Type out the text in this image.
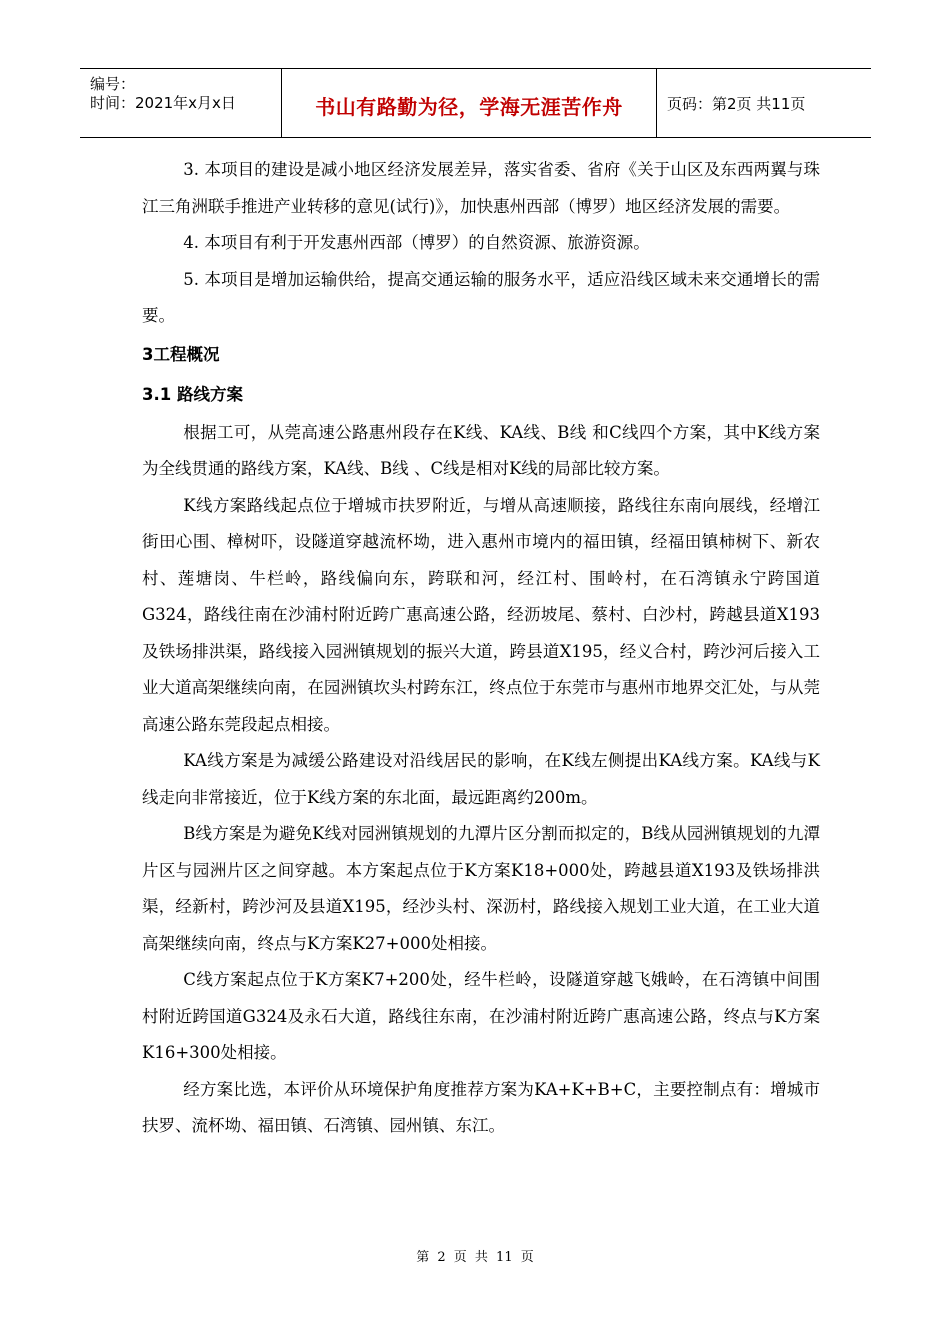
编号：
时间：2021年x月x日	书山有路勤为径，学海无涯苦作舟	页码：第2页 共11页

3. 本项目的建设是减小地区经济发展差异，落实省委、省府《关于山区及东西两翼与珠江三角洲联手推进产业转移的意见(试行)》，加快惠州西部（博罗）地区经济发展的需要。

4. 本项目有利于开发惠州西部（博罗）的自然资源、旅游资源。

5. 本项目是增加运输供给，提高交通运输的服务水平，适应沿线区域未来交通增长的需要。

3工程概况
3.1 路线方案

根据工可，从莞高速公路惠州段存在K线、KA线、B线 和C线四个方案，其中K线方案为全线贯通的路线方案，KA线、B线 、C线是相对K线的局部比较方案。

K线方案路线起点位于增城市扶罗附近，与增从高速顺接，路线往东南向展线，经增江街田心围、樟树吓，设隧道穿越流杯坳，进入惠州市境内的福田镇，经福田镇柿树下、新农村、莲塘岗、牛栏岭，路线偏向东，跨联和河，经江村、围岭村，在石湾镇永宁跨国道G324，路线往南在沙浦村附近跨广惠高速公路，经沥坡尾、蔡村、白沙村，跨越县道X193及铁场排洪渠，路线接入园洲镇规划的振兴大道，跨县道X195，经义合村，跨沙河后接入工业大道高架继续向南，在园洲镇坎头村跨东江，终点位于东莞市与惠州市地界交汇处，与从莞高速公路东莞段起点相接。

KA线方案是为减缓公路建设对沿线居民的影响，在K线左侧提出KA线方案。KA线与K线走向非常接近，位于K线方案的东北面，最远距离约200m。

B线方案是为避免K线对园洲镇规划的九潭片区分割而拟定的，B线从园洲镇规划的九潭片区与园洲片区之间穿越。本方案起点位于K方案K18+000处，跨越县道X193及铁场排洪渠，经新村，跨沙河及县道X195，经沙头村、深沥村，路线接入规划工业大道，在工业大道高架继续向南，终点与K方案K27+000处相接。

C线方案起点位于K方案K7+200处，经牛栏岭，设隧道穿越飞娥岭，在石湾镇中间围村附近跨国道G324及永石大道，路线往东南，在沙浦村附近跨广惠高速公路，终点与K方案K16+300处相接。

经方案比选，本评价从环境保护角度推荐方案为KA+K+B+C，主要控制点有：增城市扶罗、流杯坳、福田镇、石湾镇、园州镇、东江。

第 2 页 共 11 页
